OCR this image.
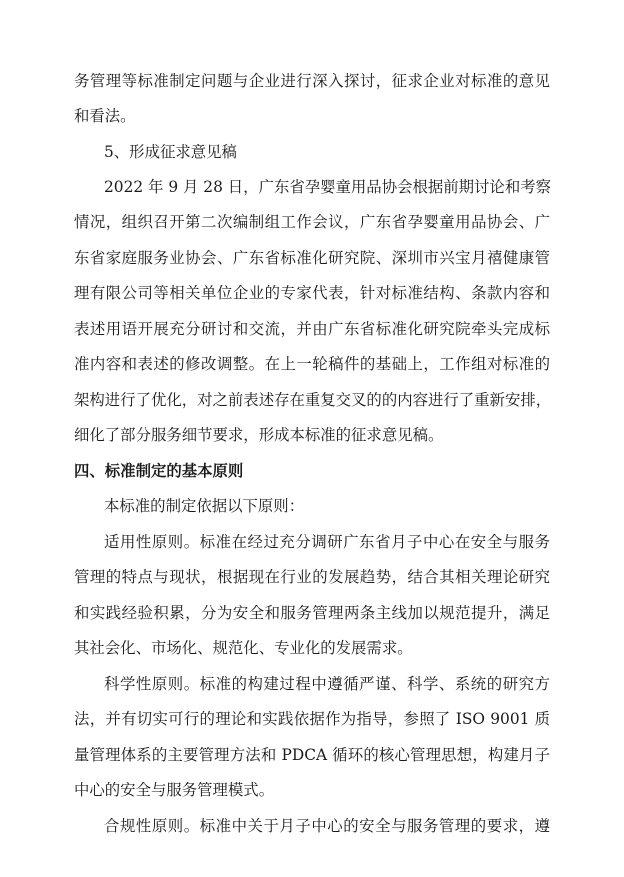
务管理等标准制定问题与企业进行深入探讨，征求企业对标准的意见
和看法。
5、形成征求意见稿
2022 年 9 月 28 日，广东省孕婴童用品协会根据前期讨论和考察
情况，组织召开第二次编制组工作会议，广东省孕婴童用品协会、广
东省家庭服务业协会、广东省标准化研究院、深圳市兴宝月禧健康管
理有限公司等相关单位企业的专家代表，针对标准结构、条款内容和
表述用语开展充分研讨和交流，并由广东省标准化研究院牵头完成标
准内容和表述的修改调整。在上一轮稿件的基础上，工作组对标准的
架构进行了优化，对之前表述存在重复交叉的的内容进行了重新安排，
细化了部分服务细节要求，形成本标准的征求意见稿。
四、标准制定的基本原则
本标准的制定依据以下原则：
适用性原则。标准在经过充分调研广东省月子中心在安全与服务
管理的特点与现状，根据现在行业的发展趋势，结合其相关理论研究
和实践经验积累，分为安全和服务管理两条主线加以规范提升，满足
其社会化、市场化、规范化、专业化的发展需求。
科学性原则。标准的构建过程中遵循严谨、科学、系统的研究方
法，并有切实可行的理论和实践依据作为指导，参照了 ISO 9001 质
量管理体系的主要管理方法和 PDCA 循环的核心管理思想，构建月子
中心的安全与服务管理模式。
合规性原则。标准中关于月子中心的安全与服务管理的要求，遵
